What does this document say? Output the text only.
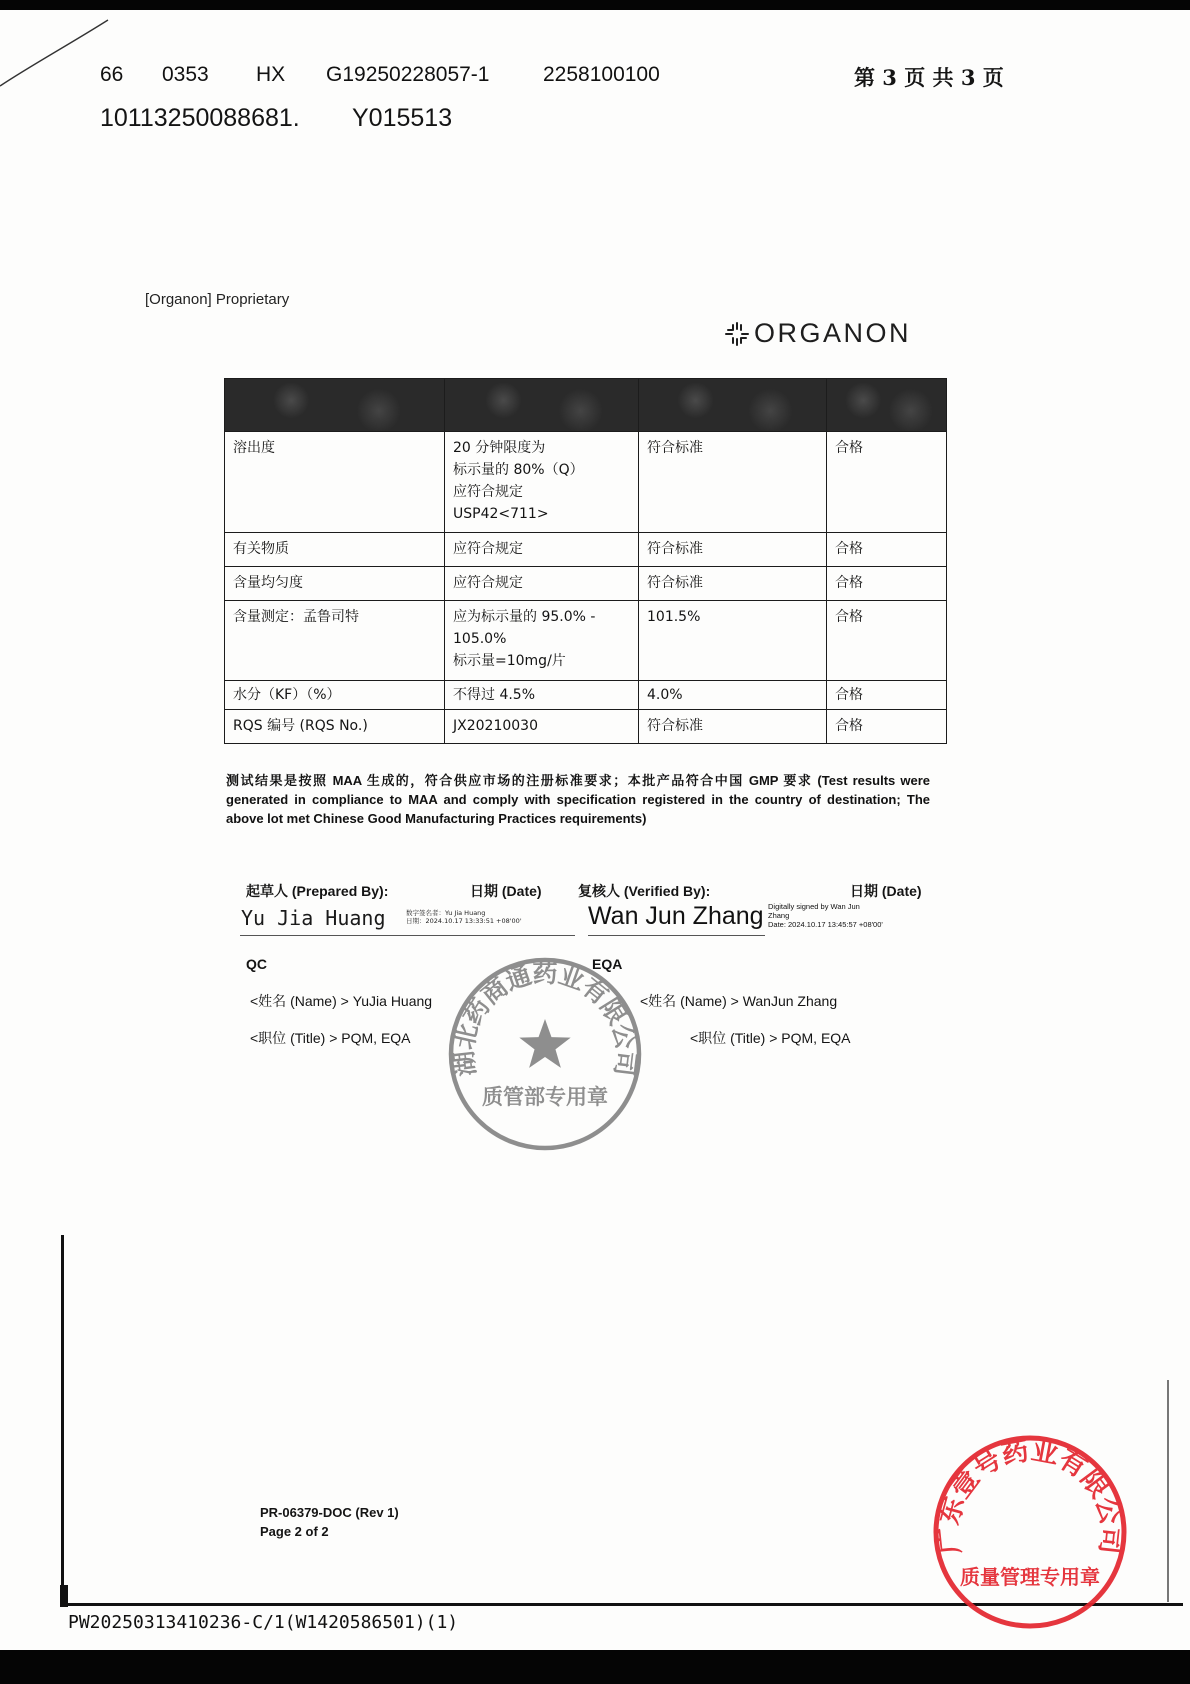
66 0353 HX G19250228057-1	2258100100	第 3 页 共 3 页
10113250088681. Y015513
[Organon] Proprietary
ORGANON

溶出度	20 分钟限度为
标示量的 80%（Q）
应符合规定
USP42<711>	符合标准	合格
有关物质	应符合规定	符合标准	合格
含量均匀度	应符合规定	符合标准	合格
含量测定：孟鲁司特	应为标示量的 95.0% -
105.0%
标示量=10mg/片	101.5%	合格
水分（KF）（%）	不得过 4.5%	4.0%	合格
RQS 编号 (RQS No.)	JX20210030	符合标准	合格
测试结果是按照 MAA 生成的，符合供应市场的注册标准要求；本批产品符合中国 GMP 要求 (Test results were generated in compliance to MAA and comply with specification registered in the country of destination; The above lot met Chinese Good Manufacturing Practices requirements)
起草人 (Prepared By):	日期 (Date)	复核人 (Verified By):	日期 (Date)
Yu Jia Huang	数字签名者：Yu Jia Huang
日期：2024.10.17 13:33:51 +08'00'	Wan Jun Zhang Digitally signed by Wan Jun
Zhang
Date: 2024.10.17 13:45:57 +08'00'
QC	EQA
<姓名 (Name) > YuJia Huang	<姓名 (Name) > WanJun Zhang
<职位 (Title) > PQM, EQA	<职位 (Title) > PQM, EQA
湖北药商通药业有限公司
质管部专用章
PR-06379-DOC (Rev 1)
Page 2 of 2	广东壹号药业有限公司
质量管理专用章
PW20250313410236-C/1(W1420586501)(1)
